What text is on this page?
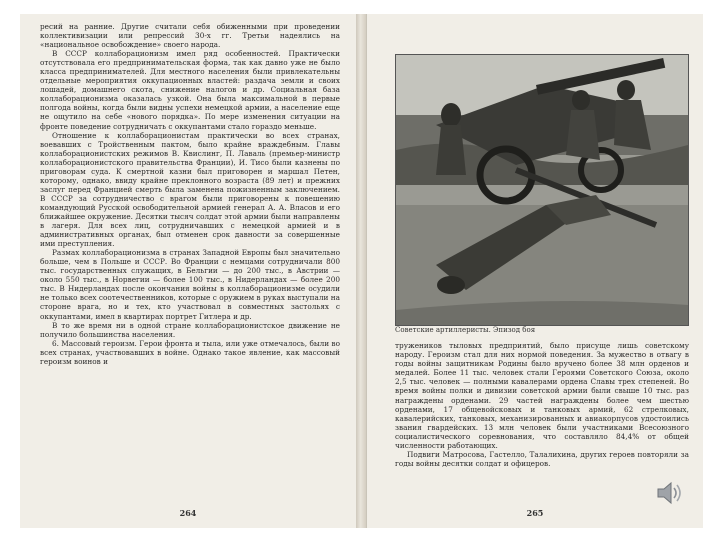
ресий на ранние. Другие считали себя обиженными при проведении коллективизации или репрессий 30-х гг. Третьи надеялись на «национальное освобождение» своего народа.

В СССР коллаборационизм имел ряд особенностей. Практически отсутствовала его предпринимательская форма, так как давно уже не было класса предпринимателей. Для местного населения были привлекательны отдельные мероприятия оккупационных властей: раздача земли и своих лошадей, домашнего скота, снижение налогов и др. Социальная база коллаборационизма оказалась узкой. Она была максимальной в первые полгода войны, когда были видны успехи немецкой армии, а население еще не ощутило на себе «нового порядка». По мере изменения ситуации на фронте поведение сотрудничать с оккупантами стало гораздо меньше.

Отношение к коллаборационистам практически во всех странах, воевавших с Тройственным пактом, было крайне враждебным. Главы коллаборационистских режимов В. Квислинг, П. Лаваль (премьер-министр коллаборационистского правительства Франции), И. Тисо были казнены по приговорам суда. К смертной казни был приговорен и маршал Петен, которому, однако, ввиду крайне преклонного возраста (89 лет) и прежних заслуг перед Францией смерть была заменена пожизненным заключением. В СССР за сотрудничество с врагом были приговорены к повешению командующий Русской освободительной армией генерал А. А. Власов и его ближайшее окружение. Десятки тысяч солдат этой армии были направлены в лагеря. Для всех лиц, сотрудничавших с немецкой армией и в административных органах, был отменен срок давности за совершенные ими преступления.

Размах коллаборационизма в странах Западной Европы был значительно больше, чем в Польше и СССР. Во Франции с немцами сотрудничали 800 тыс. государственных служащих, в Бельгии — до 200 тыс., в Австрии — около 550 тыс., в Норвегии — более 100 тыс., в Нидерландах — более 200 тыс. В Нидерландах после окончания войны в коллаборационизме осудили не только всех соотечественников, которые с оружием в руках выступали на стороне врага, но и тех, кто участвовал в совместных застольях с оккупантами, имел в квартирах портрет Гитлера и др.

В то же время ни в одной стране коллаборационистское движение не получило большинства населения.

6. Массовый героизм. Герои фронта и тыла, или уже отмечалось, были во всех странах, участвовавших в войне. Однако такое явление, как массовый героизм воинов и

264
Советские артиллеристы. Эпизод боя

тружеников тыловых предприятий, было присуще лишь советскому народу. Героизм стал для них нормой поведения. За мужество в отвагу в годы войны защитникам Родины было вручено более 38 млн орденов и медалей. Более 11 тыс. человек стали Героями Советского Союза, около 2,5 тыс. человек — полными кавалерами ордена Славы трех степеней. Во время войны полки и дивизии советской армии были свыше 10 тыс. раз награждены орденами. 29 частей награждены более чем шестью орденами, 17 общевойсковых и танковых армий, 62 стрелковых, кавалерийских, танковых, механизированных и авиакорпусов удостоились звания гвардейских. 13 млн человек были участниками Всесоюзного социалистического соревнования, что составляло 84,4% от общей численности работающих.

Подвиги Матросова, Гастелло, Талалихина, других героев повторяли за годы войны десятки солдат и офицеров.

265
